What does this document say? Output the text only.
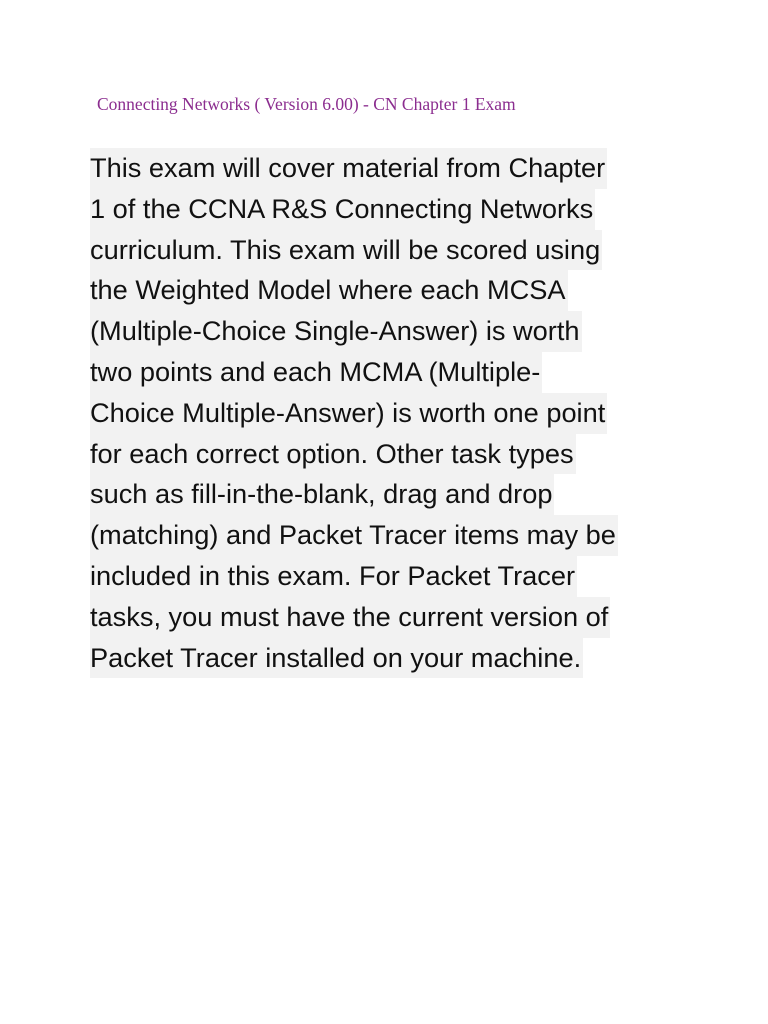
Connecting Networks ( Version 6.00) - CN Chapter 1 Exam
This exam will cover material from Chapter
1 of the CCNA R&S Connecting Networks
curriculum. This exam will be scored using
the Weighted Model where each MCSA
(Multiple-Choice Single-Answer) is worth
two points and each MCMA (Multiple-
Choice Multiple-Answer) is worth one point
for each correct option. Other task types
such as fill-in-the-blank, drag and drop
(matching) and Packet Tracer items may be
included in this exam. For Packet Tracer
tasks, you must have the current version of
Packet Tracer installed on your machine.
